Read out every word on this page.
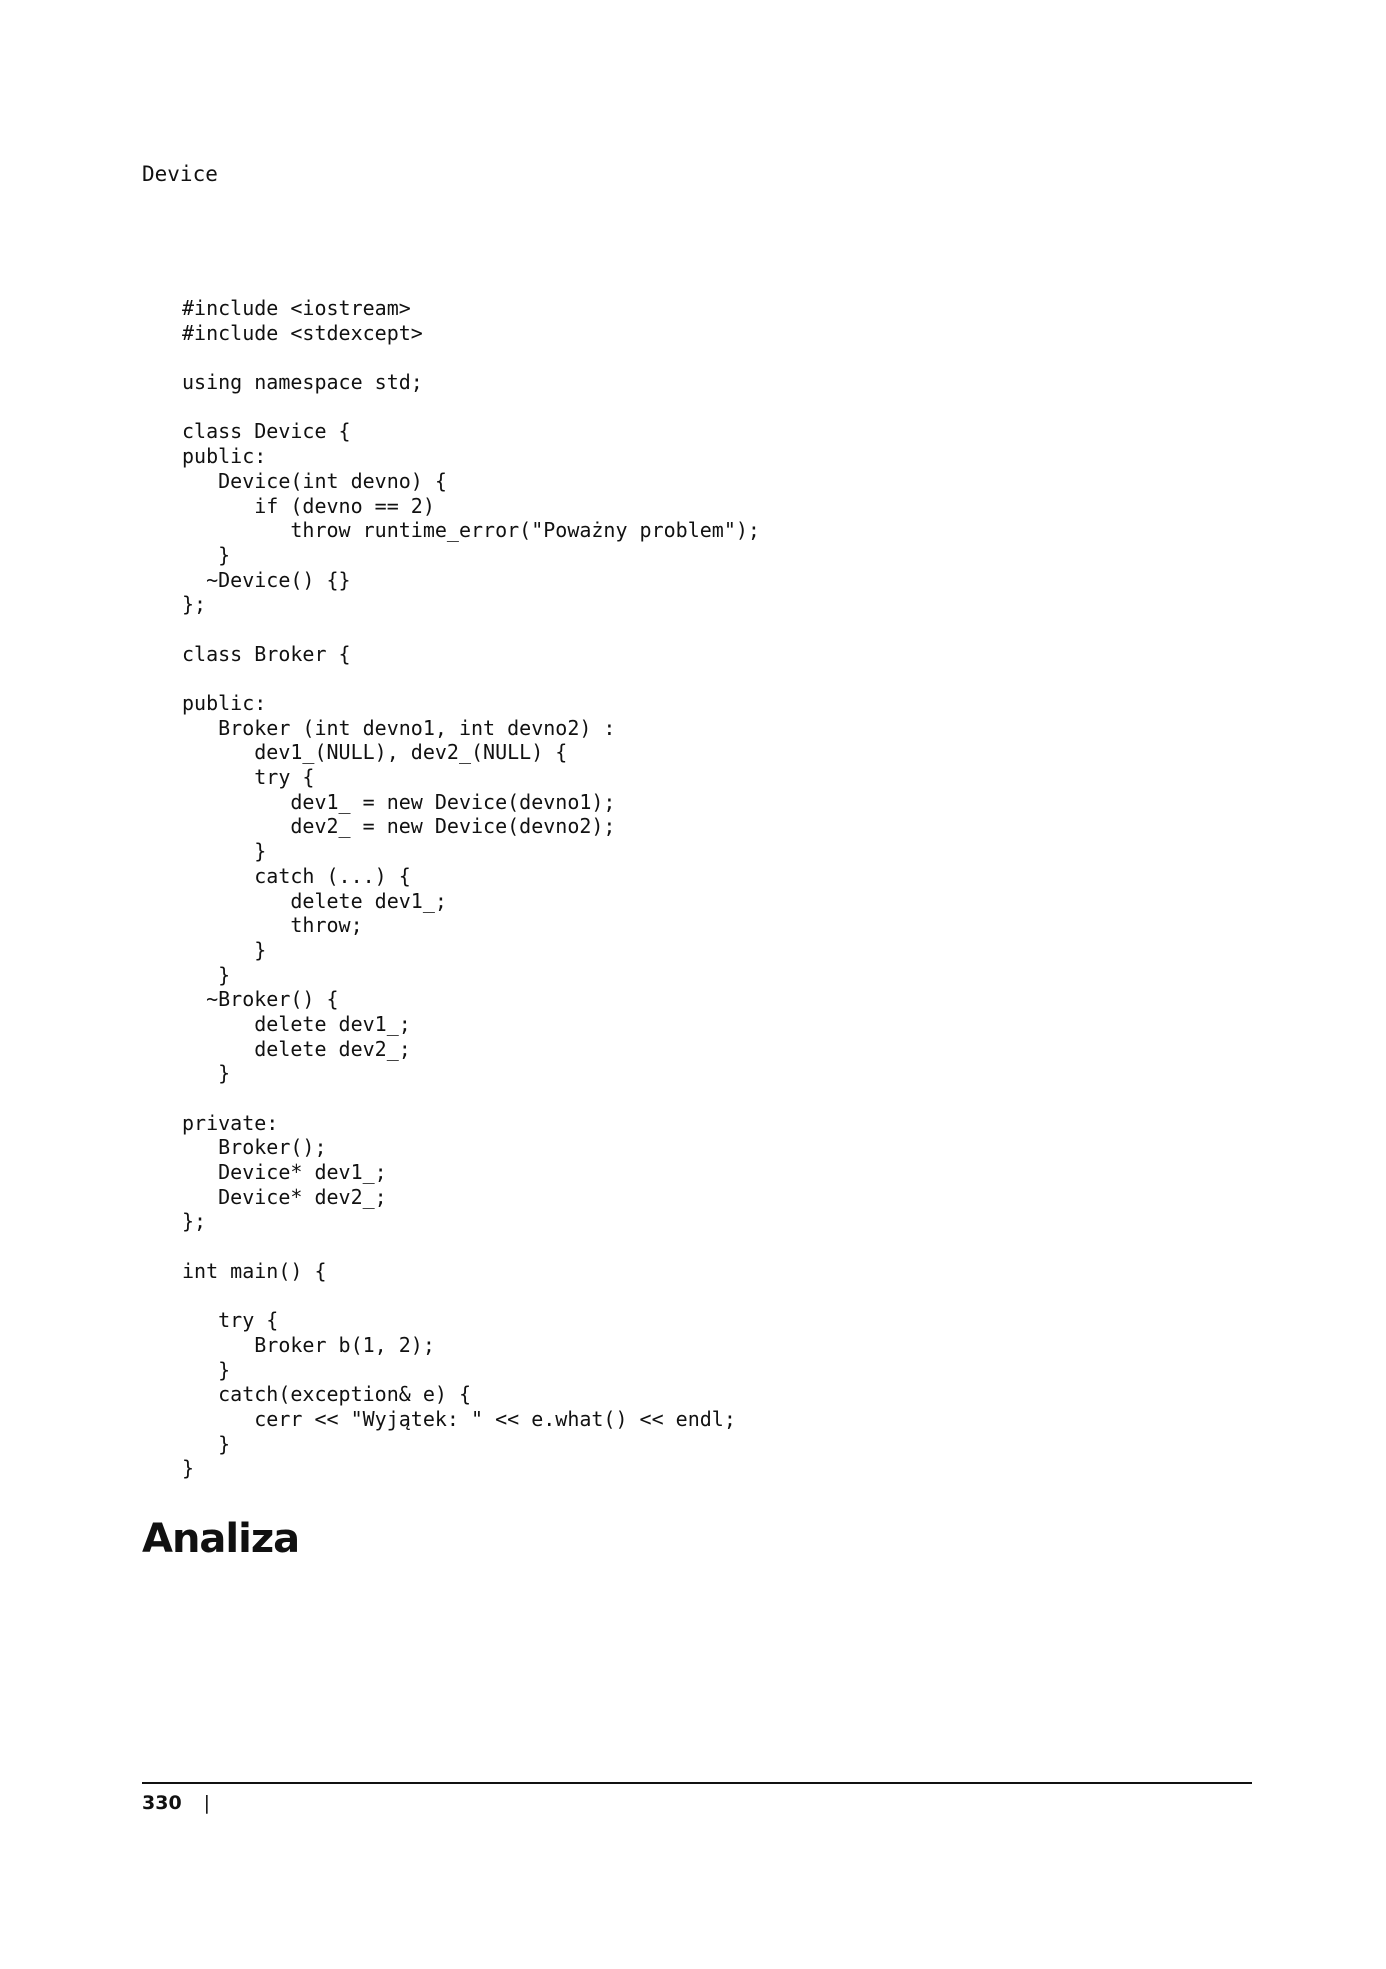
Device
#include <iostream>
#include <stdexcept>
using namespace std;
class Device {
public:
Device(int devno) {
if (devno == 2)
throw runtime_error("Poważny problem");
}
~Device() {}
};
class Broker {
public:
Broker (int devno1, int devno2) :
dev1_(NULL), dev2_(NULL) {
try {
dev1_ = new Device(devno1);
dev2_ = new Device(devno2);
}
catch (...) {
delete dev1_;
throw;
}
}
~Broker() {
delete dev1_;
delete dev2_;
}
private:
Broker();
Device* dev1_;
Device* dev2_;
};
int main() {
try {
Broker b(1, 2);
}
catch(exception& e) {
cerr << "Wyjątek: " << e.what() << endl;
}
}
Analiza
330 |
